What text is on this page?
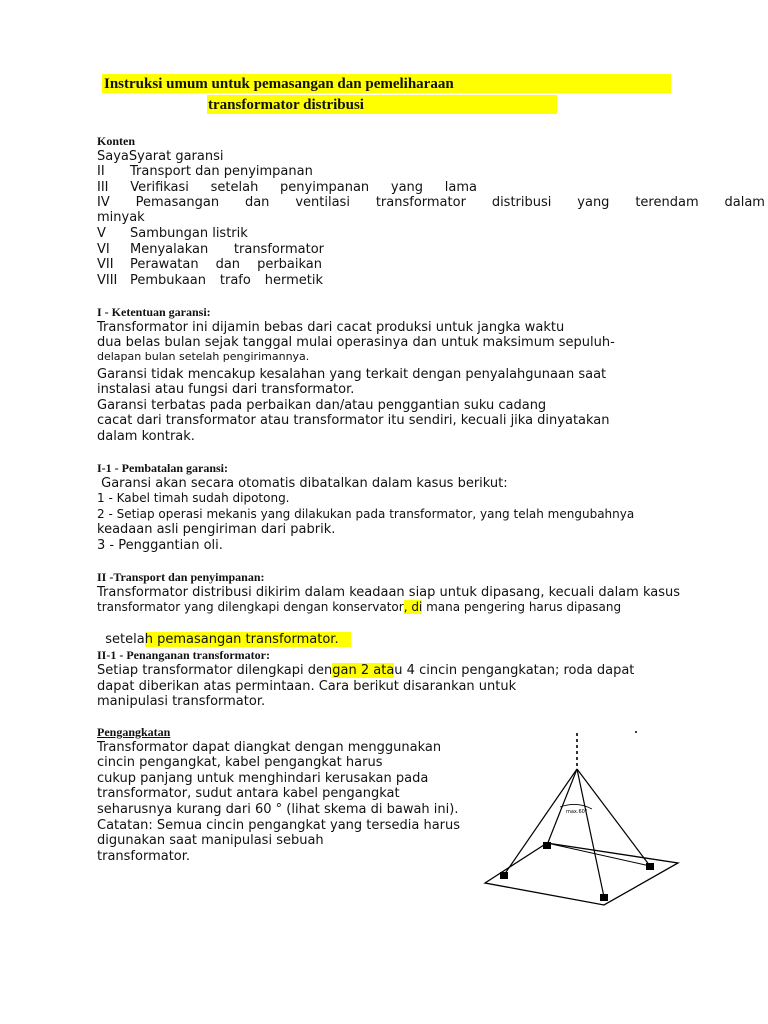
Instruksi umum untuk pemasangan dan pemeliharaan
transformator distribusi
Konten
SayaSyarat garansi
II Transport dan penyimpanan
III Verifikasi setelah penyimpanan yang lama
IV Pemasangan dan ventilasi transformator distribusi yang terendam dalam
minyak
V Sambungan listrik
VI Menyalakan transformator
VII Perawatan dan perbaikan
VIII Pembukaan trafo hermetik
I - Ketentuan garansi:
Transformator ini dijamin bebas dari cacat produksi untuk jangka waktu
dua belas bulan sejak tanggal mulai operasinya dan untuk maksimum sepuluh-
delapan bulan setelah pengirimannya.
Garansi tidak mencakup kesalahan yang terkait dengan penyalahgunaan saat
instalasi atau fungsi dari transformator.
Garansi terbatas pada perbaikan dan/atau penggantian suku cadang
cacat dari transformator atau transformator itu sendiri, kecuali jika dinyatakan
dalam kontrak.
I-1 - Pembatalan garansi:
Garansi akan secara otomatis dibatalkan dalam kasus berikut:
1 - Kabel timah sudah dipotong.
2 - Setiap operasi mekanis yang dilakukan pada transformator, yang telah mengubahnya
keadaan asli pengiriman dari pabrik.
3 - Penggantian oli.
II -Transport dan penyimpanan:
Transformator distribusi dikirim dalam keadaan siap untuk dipasang, kecuali dalam kasus
transformator yang dilengkapi dengan konservator, di mana pengering harus dipasang

setelah pemasangan transformator.

II-1 - Penanganan transformator:
Setiap transformator dilengkapi dengan 2 atau 4 cincin pengangkatan; roda dapat
dapat diberikan atas permintaan. Cara berikut disarankan untuk
manipulasi transformator.
Pengangkatan
Transformator dapat diangkat dengan menggunakan
cincin pengangkat, kabel pengangkat harus
cukup panjang untuk menghindari kerusakan pada
transformator, sudut antara kabel pengangkat
seharusnya kurang dari 60 ° (lihat skema di bawah ini).
Catatan: Semua cincin pengangkat yang tersedia harus
digunakan saat manipulasi sebuah
transformator.
max.60°
